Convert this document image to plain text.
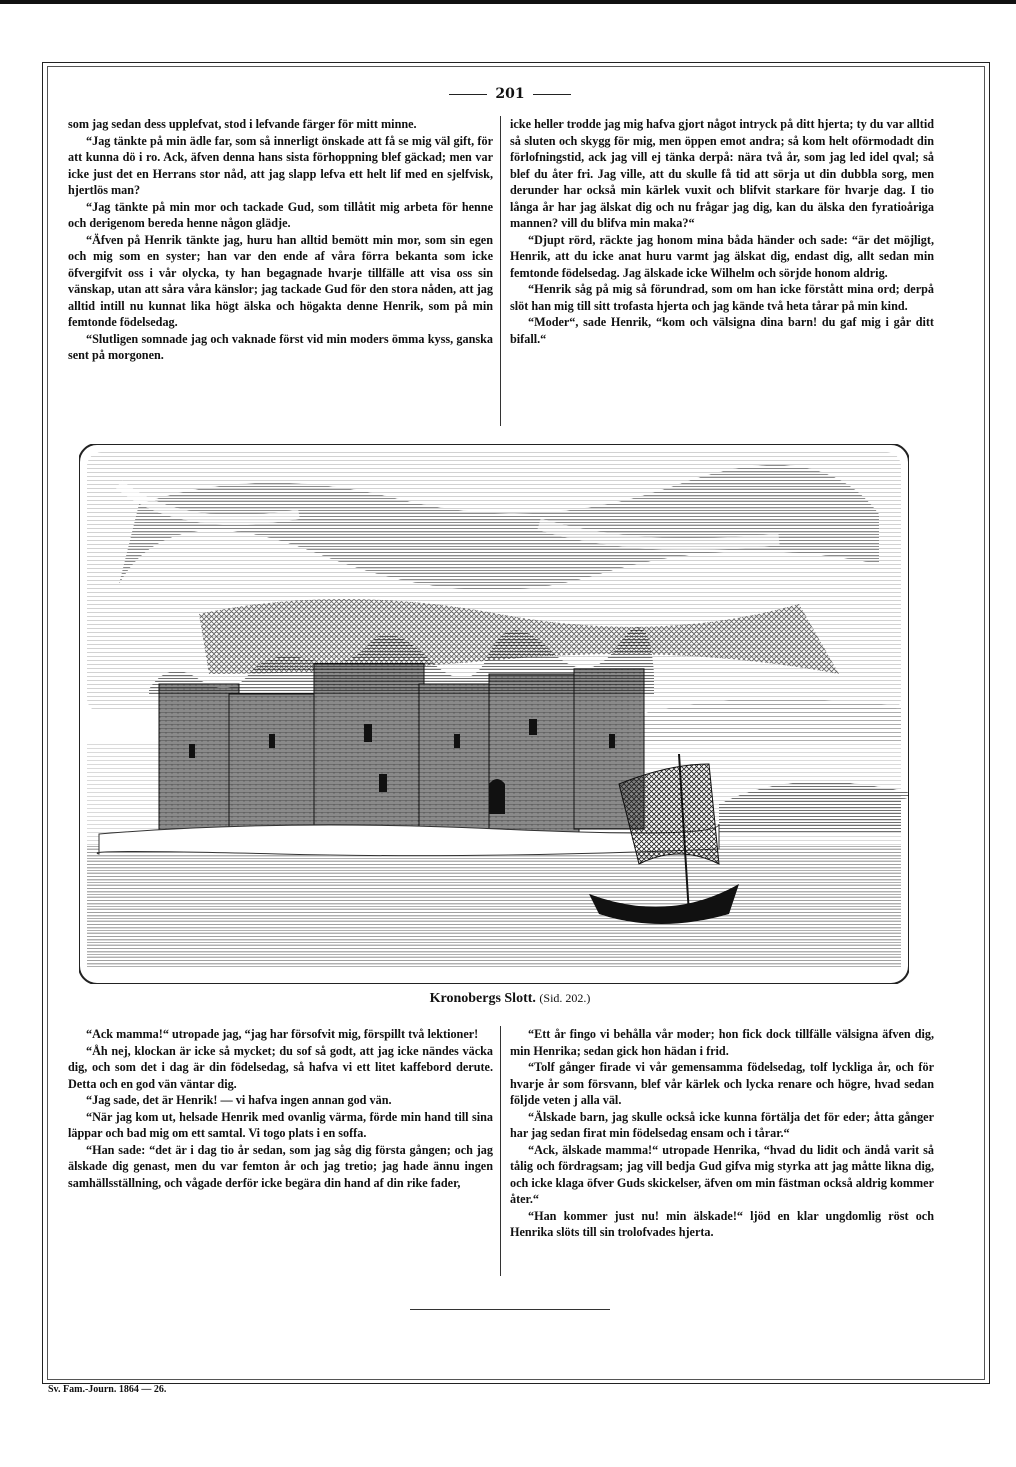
201

som jag sedan dess upplefvat, stod i lefvande färger för mitt minne.

“Jag tänkte på min ädle far, som så innerligt önskade att få se mig väl gift, för att kunna dö i ro. Ack, äfven denna hans sista förhoppning blef gäckad; men var icke just det en Herrans stor nåd, att jag slapp lefva ett helt lif med en sjelfvisk, hjertlös man?

“Jag tänkte på min mor och tackade Gud, som tillåtit mig arbeta för henne och derigenom bereda henne någon glädje.

“Äfven på Henrik tänkte jag, huru han alltid bemött min mor, som sin egen och mig som en syster; han var den ende af våra förra bekanta som icke öfvergifvit oss i vår olycka, ty han begagnade hvarje tillfälle att visa oss sin vänskap, utan att såra våra känslor; jag tackade Gud för den stora nåden, att jag alltid intill nu kunnat lika högt älska och högakta denne Henrik, som på min femtonde födelsedag.

“Slutligen somnade jag och vaknade först vid min moders ömma kyss, ganska sent på morgonen.

icke heller trodde jag mig hafva gjort något intryck på ditt hjerta; ty du var alltid så sluten och skygg för mig, men öppen emot andra; så kom helt oförmodadt din förlofningstid, ack jag vill ej tänka derpå: nära två år, som jag led idel qval; så blef du åter fri. Jag ville, att du skulle få tid att sörja ut din dubbla sorg, men derunder har också min kärlek vuxit och blifvit starkare för hvarje dag. I tio långa år har jag älskat dig och nu frågar jag dig, kan du älska den fyratioåriga mannen? vill du blifva min maka?“

“Djupt rörd, räckte jag honom mina båda händer och sade: “är det möjligt, Henrik, att du icke anat huru varmt jag älskat dig, endast dig, allt sedan min femtonde födelsedag. Jag älskade icke Wilhelm och sörjde honom aldrig.

“Henrik såg på mig så förundrad, som om han icke förstått mina ord; derpå slöt han mig till sitt trofasta hjerta och jag kände två heta tårar på min kind.

“Moder“, sade Henrik, “kom och välsigna dina barn! du gaf mig i går ditt bifall.“

Kronobergs Slott. (Sid. 202.)

“Ack mamma!“ utropade jag, “jag har försofvit mig, förspillt två lektioner!

“Åh nej, klockan är icke så mycket; du sof så godt, att jag icke nändes väcka dig, och som det i dag är din födelsedag, så hafva vi ett litet kaffebord derute. Detta och en god vän väntar dig.

“Jag sade, det är Henrik! — vi hafva ingen annan god vän.

“När jag kom ut, helsade Henrik med ovanlig värma, förde min hand till sina läppar och bad mig om ett samtal. Vi togo plats i en soffa.

“Han sade: “det är i dag tio år sedan, som jag såg dig första gången; och jag älskade dig genast, men du var femton år och jag tretio; jag hade ännu ingen samhällsställning, och vågade derför icke begära din hand af din rike fader,

“Ett år fingo vi behålla vår moder; hon fick dock tillfälle välsigna äfven dig, min Henrika; sedan gick hon hädan i frid.

“Tolf gånger firade vi vår gemensamma födelsedag, tolf lyckliga år, och för hvarje år som försvann, blef vår kärlek och lycka renare och högre, hvad sedan följde veten j alla väl.

“Älskade barn, jag skulle också icke kunna förtälja det för eder; åtta gånger har jag sedan firat min födelsedag ensam och i tårar.“

“Ack, älskade mamma!“ utropade Henrika, “hvad du lidit och ändå varit så tålig och fördragsam; jag vill bedja Gud gifva mig styrka att jag måtte likna dig, och icke klaga öfver Guds skickelser, äfven om min fästman också aldrig kommer åter.“

“Han kommer just nu! min älskade!“ ljöd en klar ungdomlig röst och Henrika slöts till sin trolofvades hjerta.

Sv. Fam.-Journ. 1864 — 26.
